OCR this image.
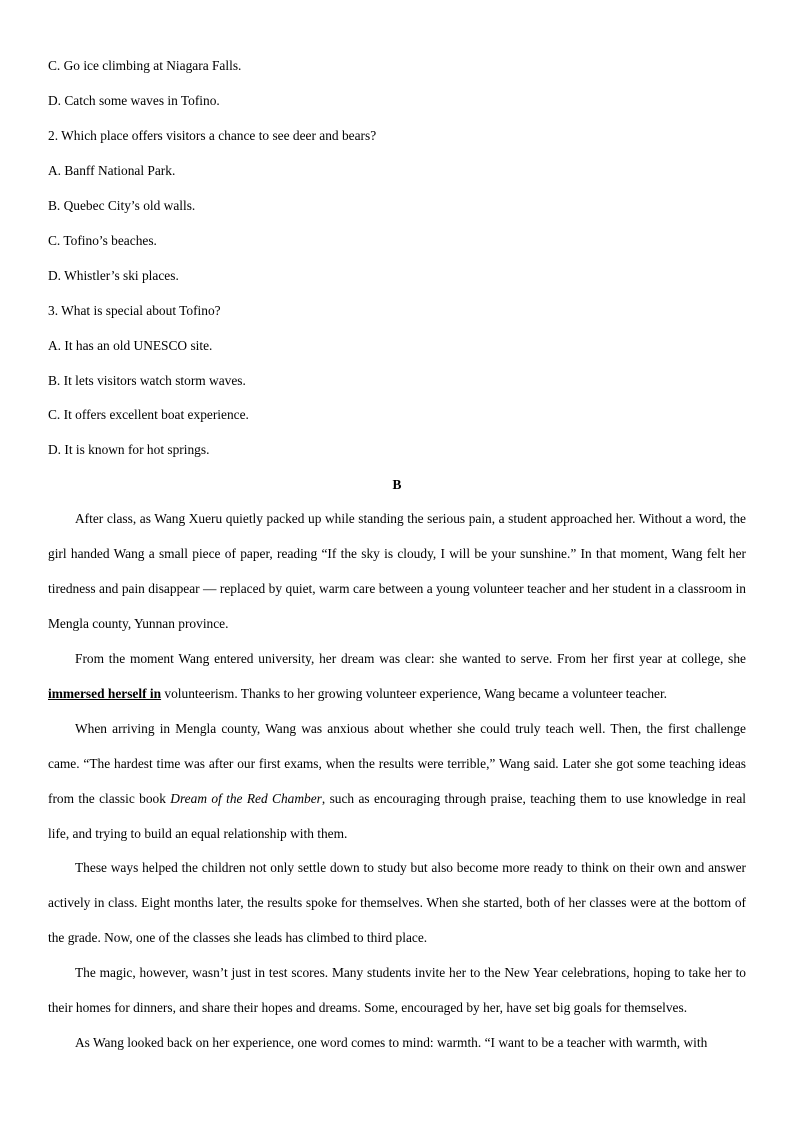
C. Go ice climbing at Niagara Falls.
D. Catch some waves in Tofino.
2. Which place offers visitors a chance to see deer and bears?
A. Banff National Park.
B. Quebec City’s old walls.
C. Tofino’s beaches.
D. Whistler’s ski places.
3. What is special about Tofino?
A. It has an old UNESCO site.
B. It lets visitors watch storm waves.
C. It offers excellent boat experience.
D. It is known for hot springs.
B

After class, as Wang Xueru quietly packed up while standing the serious pain, a student approached her. Without a word, the girl handed Wang a small piece of paper, reading “If the sky is cloudy, I will be your sunshine.” In that moment, Wang felt her tiredness and pain disappear — replaced by quiet, warm care between a young volunteer teacher and her student in a classroom in Mengla county, Yunnan province.

From the moment Wang entered university, her dream was clear: she wanted to serve. From her first year at college, she immersed herself in volunteerism. Thanks to her growing volunteer experience, Wang became a volunteer teacher.

When arriving in Mengla county, Wang was anxious about whether she could truly teach well. Then, the first challenge came. “The hardest time was after our first exams, when the results were terrible,” Wang said. Later she got some teaching ideas from the classic book Dream of the Red Chamber, such as encouraging through praise, teaching them to use knowledge in real life, and trying to build an equal relationship with them.

These ways helped the children not only settle down to study but also become more ready to think on their own and answer actively in class. Eight months later, the results spoke for themselves. When she started, both of her classes were at the bottom of the grade. Now, one of the classes she leads has climbed to third place.

The magic, however, wasn’t just in test scores. Many students invite her to the New Year celebrations, hoping to take her to their homes for dinners, and share their hopes and dreams. Some, encouraged by her, have set big goals for themselves.

As Wang looked back on her experience, one word comes to mind: warmth. “I want to be a teacher with warmth, with
